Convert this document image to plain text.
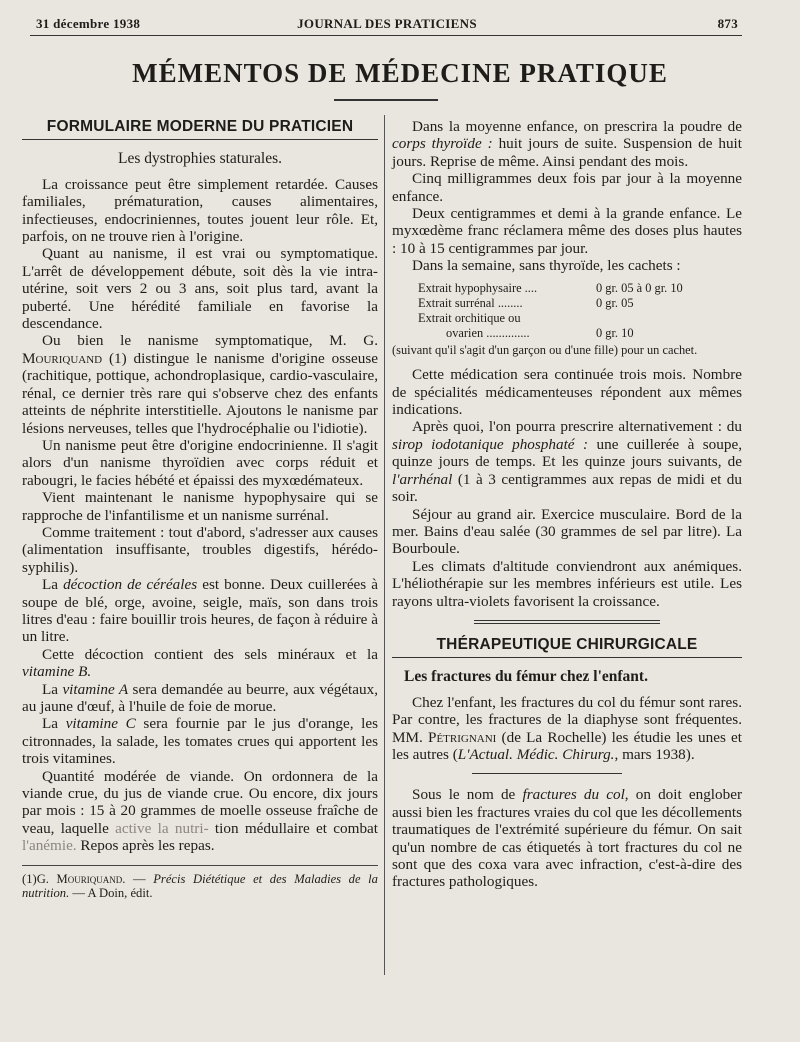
31 décembre 1938	JOURNAL DES PRATICIENS	873
MÉMENTOS DE MÉDECINE PRATIQUE
FORMULAIRE MODERNE DU PRATICIEN
Les dystrophies staturales.

La croissance peut être simplement retardée. Causes familiales, prématuration, causes alimentaires, infectieuses, endocriniennes, toutes jouent leur rôle. Et, parfois, on ne trouve rien à l'origine.

Quant au nanisme, il est vrai ou symptomatique. L'arrêt de développement débute, soit dès la vie intra-utérine, soit vers 2 ou 3 ans, soit plus tard, avant la puberté. Une hérédité familiale en favorise la descendance.

Ou bien le nanisme symptomatique, M. G. Mouriquand (1) distingue le nanisme d'origine osseuse (rachitique, pottique, achondroplasique, cardio-vasculaire, rénal, ce dernier très rare qui s'observe chez des enfants atteints de néphrite interstitielle. Ajoutons le nanisme par lésions nerveuses, telles que l'hydrocéphalie ou l'idiotie).

Un nanisme peut être d'origine endocrinienne. Il s'agit alors d'un nanisme thyroïdien avec corps réduit et rabougri, le facies hébété et épaissi des myxœdémateux.

Vient maintenant le nanisme hypophysaire qui se rapproche de l'infantilisme et un nanisme surrénal.

Comme traitement : tout d'abord, s'adresser aux causes (alimentation insuffisante, troubles digestifs, hérédo-syphilis).

La décoction de céréales est bonne. Deux cuillerées à soupe de blé, orge, avoine, seigle, maïs, son dans trois litres d'eau : faire bouillir trois heures, de façon à réduire à un litre.

Cette décoction contient des sels minéraux et la vitamine B.

La vitamine A sera demandée au beurre, aux végétaux, au jaune d'œuf, à l'huile de foie de morue.

La vitamine C sera fournie par le jus d'orange, les citronnades, la salade, les tomates crues qui apportent les trois vitamines.

Quantité modérée de viande. On ordonnera de la viande crue, du jus de viande crue. Ou encore, dix jours par mois : 15 à 20 grammes de moelle osseuse fraîche de veau, laquelle active la nutri- tion médullaire et combat l'anémie. Repos après les repas.

(1)G. Mouriquand. — Précis Diététique et des Maladies de la nutrition. — A Doin, édit.

Dans la moyenne enfance, on prescrira la poudre de corps thyroïde : huit jours de suite. Suspension de huit jours. Reprise de même. Ainsi pendant des mois.

Cinq milligrammes deux fois par jour à la moyenne enfance.

Deux centigrammes et demi à la grande enfance. Le myxœdème franc réclamera même des doses plus hautes : 10 à 15 centigrammes par jour.

Dans la semaine, sans thyroïde, les cachets :

Extrait hypophysaire ....	0 gr. 05 à 0 gr. 10
Extrait surrénal ........	0 gr. 05
Extrait orchitique ou
ovarien ..............	0 gr. 10

(suivant qu'il s'agit d'un garçon ou d'une fille) pour un cachet.

Cette médication sera continuée trois mois. Nombre de spécialités médicamenteuses répondent aux mêmes indications.

Après quoi, l'on pourra prescrire alternativement : du sirop iodotanique phosphaté : une cuillerée à soupe, quinze jours de temps. Et les quinze jours suivants, de l'arrhénal (1 à 3 centigrammes aux repas de midi et du soir.

Séjour au grand air. Exercice musculaire. Bord de la mer. Bains d'eau salée (30 grammes de sel par litre). La Bourboule.

Les climats d'altitude conviendront aux anémiques. L'héliothérapie sur les membres inférieurs est utile. Les rayons ultra-violets favorisent la croissance.

THÉRAPEUTIQUE CHIRURGICALE
Les fractures du fémur chez l'enfant.

Chez l'enfant, les fractures du col du fémur sont rares. Par contre, les fractures de la diaphyse sont fréquentes. MM. Pétrignani (de La Rochelle) les étudie les unes et les autres (L'Actual. Médic. Chirurg., mars 1938).

Sous le nom de fractures du col, on doit englober aussi bien les fractures vraies du col que les décollements traumatiques de l'extrémité supérieure du fémur. On sait qu'un nombre de cas étiquetés à tort fractures du col ne sont que des coxa vara avec infraction, c'est-à-dire des fractures pathologiques.
